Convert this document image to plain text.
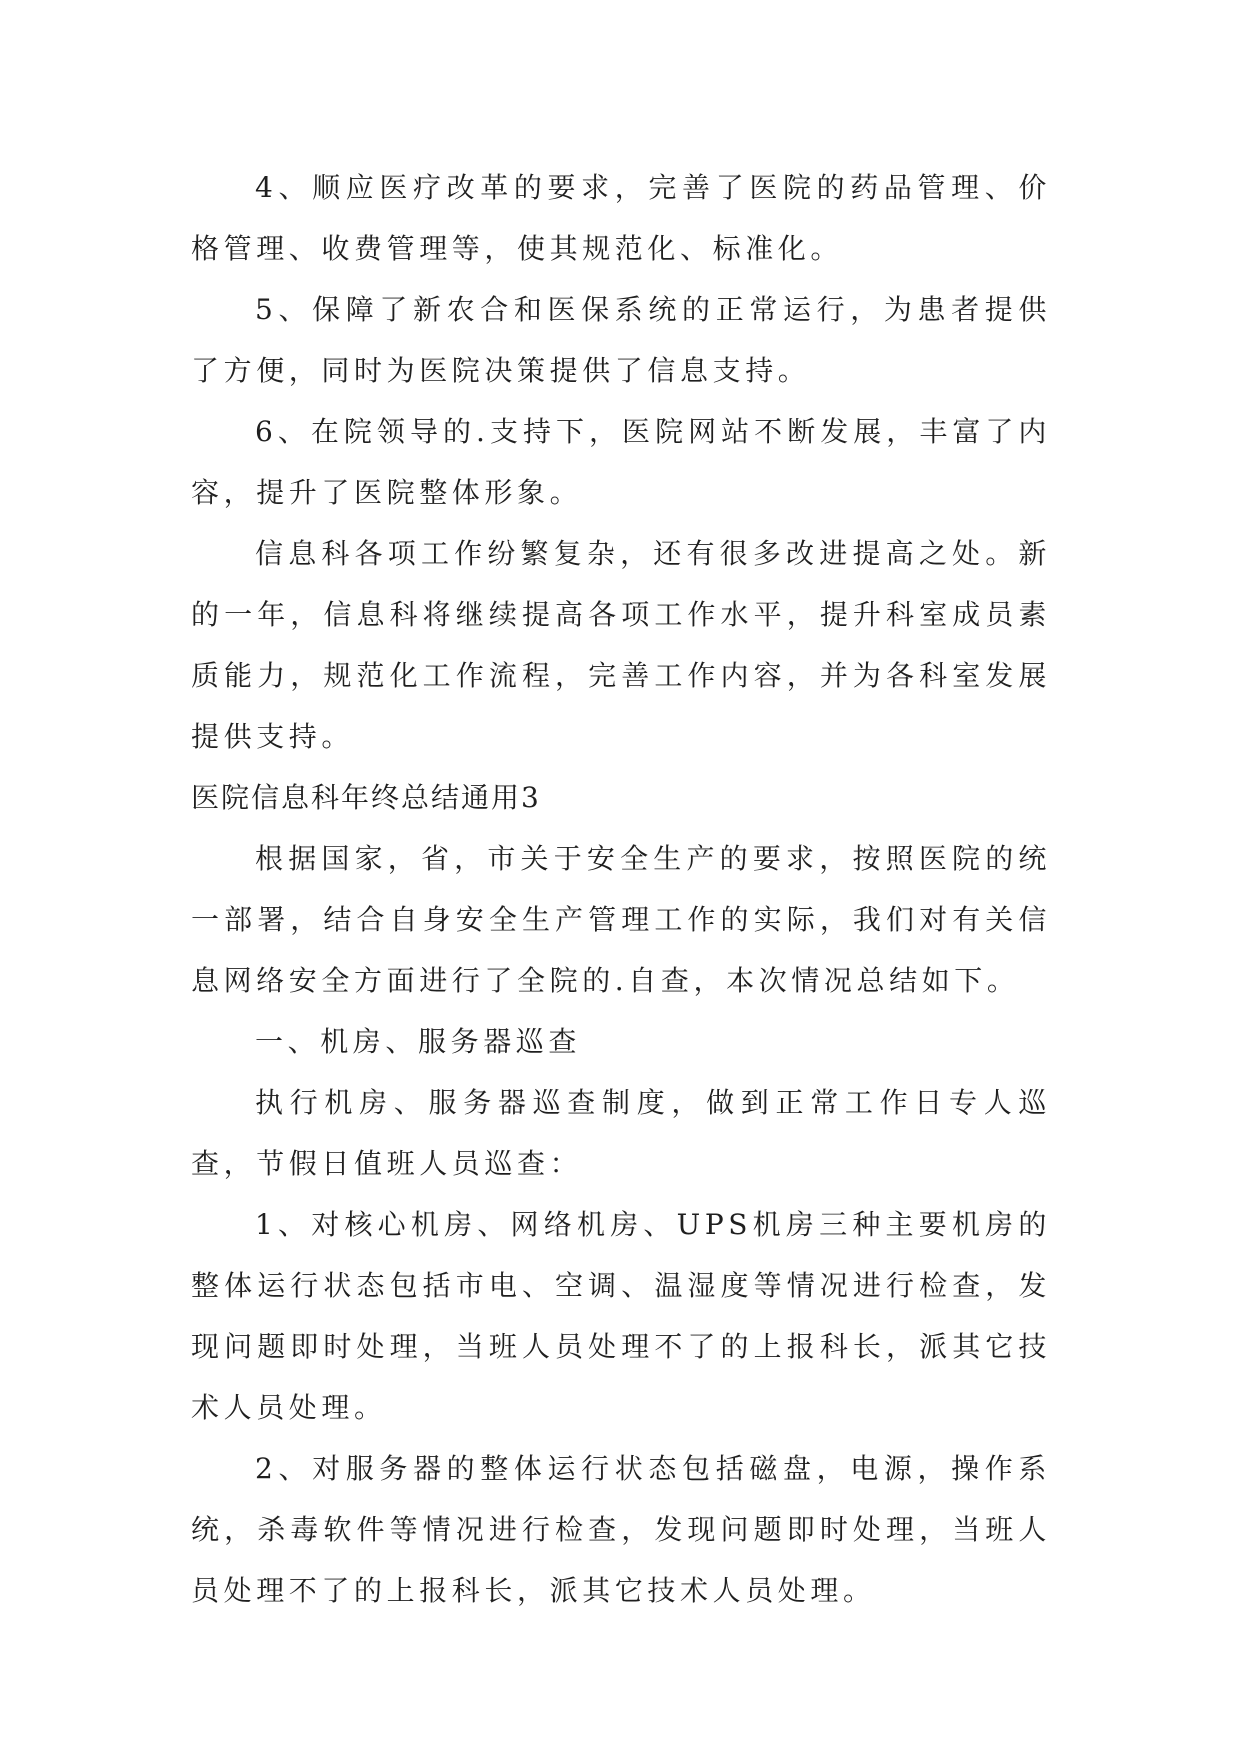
4、顺应医疗改革的要求，完善了医院的药品管理、价格管理、收费管理等，使其规范化、标准化。

5、保障了新农合和医保系统的正常运行，为患者提供了方便，同时为医院决策提供了信息支持。

6、在院领导的.支持下，医院网站不断发展，丰富了内容，提升了医院整体形象。

信息科各项工作纷繁复杂，还有很多改进提高之处。新的一年，信息科将继续提高各项工作水平，提升科室成员素质能力，规范化工作流程，完善工作内容，并为各科室发展提供支持。

医院信息科年终总结通用3

根据国家，省，市关于安全生产的要求，按照医院的统一部署，结合自身安全生产管理工作的实际，我们对有关信息网络安全方面进行了全院的.自查，本次情况总结如下。

一、机房、服务器巡查

执行机房、服务器巡查制度，做到正常工作日专人巡查，节假日值班人员巡查：

1、对核心机房、网络机房、UPS机房三种主要机房的整体运行状态包括市电、空调、温湿度等情况进行检查，发现问题即时处理，当班人员处理不了的上报科长，派其它技术人员处理。

2、对服务器的整体运行状态包括磁盘，电源，操作系统，杀毒软件等情况进行检查，发现问题即时处理，当班人员处理不了的上报科长，派其它技术人员处理。
